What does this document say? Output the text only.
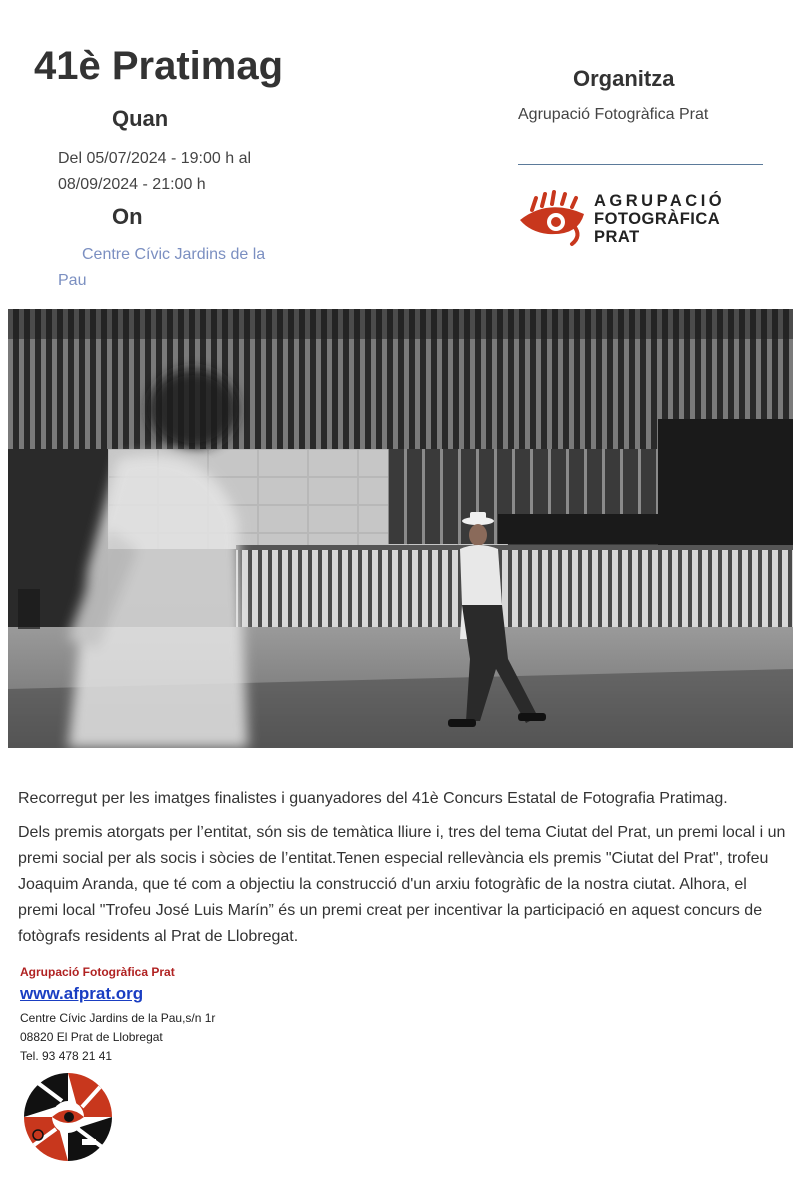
41è Pratimag
Quan
Del 05/07/2024 - 19:00 h al 08/09/2024 - 21:00 h
On
Centre Cívic Jardins de la Pau
Organitza
Agrupació Fotogràfica Prat
AGRUPACIÓ
FOTOGRÀFICA
PRAT
Recorregut per les imatges finalistes i guanyadores del 41è Concurs Estatal de Fotografia Pratimag.
Dels premis atorgats per l’entitat, són sis de temàtica lliure i, tres del tema Ciutat del Prat, un premi local i un premi social per als socis i sòcies de l’entitat.Tenen especial rellevància els premis "Ciutat del Prat", trofeu Joaquim Aranda, que té com a objectiu la construcció d'un arxiu fotogràfic de la nostra ciutat. Alhora, el premi local "Trofeu José Luis Marín” és un premi creat per incentivar la participació en aquest concurs de fotògrafs residents al Prat de Llobregat.
Agrupació Fotogràfica Prat
www.afprat.org
Centre Cívic Jardins de la Pau,s/n 1r
08820 El Prat de Llobregat
Tel. 93 478 21 41
